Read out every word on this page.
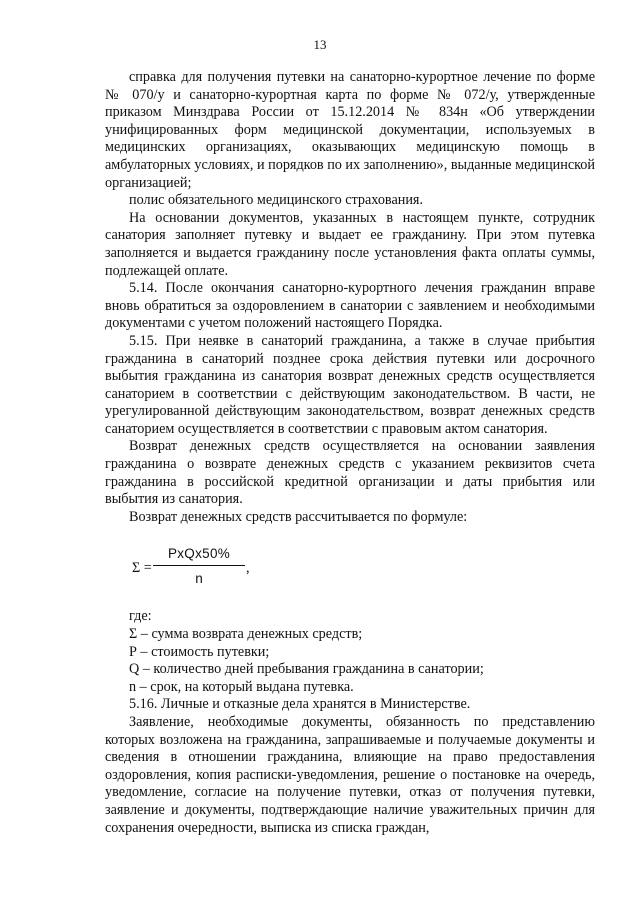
13

справка для получения путевки на санаторно-курортное лечение по форме № 070/у и санаторно-курортная карта по форме № 072/у, утвержденные приказом Минздрава России от 15.12.2014 № 834н «Об утверждении унифицированных форм медицинской документации, используемых в медицинских организациях, оказывающих медицинскую помощь в амбулаторных условиях, и порядков по их заполнению», выданные медицинской организацией;

полис обязательного медицинского страхования.

На основании документов, указанных в настоящем пункте, сотрудник санатория заполняет путевку и выдает ее гражданину. При этом путевка заполняется и выдается гражданину после установления факта оплаты суммы, подлежащей оплате.

5.14. После окончания санаторно-курортного лечения гражданин вправе вновь обратиться за оздоровлением в санатории с заявлением и необходимыми документами с учетом положений настоящего Порядка.

5.15. При неявке в санаторий гражданина, а также в случае прибытия гражданина в санаторий позднее срока действия путевки или досрочного выбытия гражданина из санатория возврат денежных средств осуществляется санаторием в соответствии с действующим законодательством. В части, не урегулированной действующим законодательством, возврат денежных средств санаторием осуществляется в соответствии с правовым актом санатория.

Возврат денежных средств осуществляется на основании заявления гражданина о возврате денежных средств с указанием реквизитов счета гражданина в российской кредитной организации и даты прибытия или выбытия из санатория.

Возврат денежных средств рассчитывается по формуле:

Σ =
PxQx50%
n
,

где:

Σ – сумма возврата денежных средств;

Р – стоимость путевки;

Q – количество дней пребывания гражданина в санатории;

n – срок, на который выдана путевка.

5.16. Личные и отказные дела хранятся в Министерстве.

Заявление, необходимые документы, обязанность по представлению которых возложена на гражданина, запрашиваемые и получаемые документы и сведения в отношении гражданина, влияющие на право предоставления оздоровления, копия расписки-уведомления, решение о постановке на очередь, уведомление, согласие на получение путевки, отказ от получения путевки, заявление и документы, подтверждающие наличие уважительных причин для сохранения очередности, выписка из списка граждан,
